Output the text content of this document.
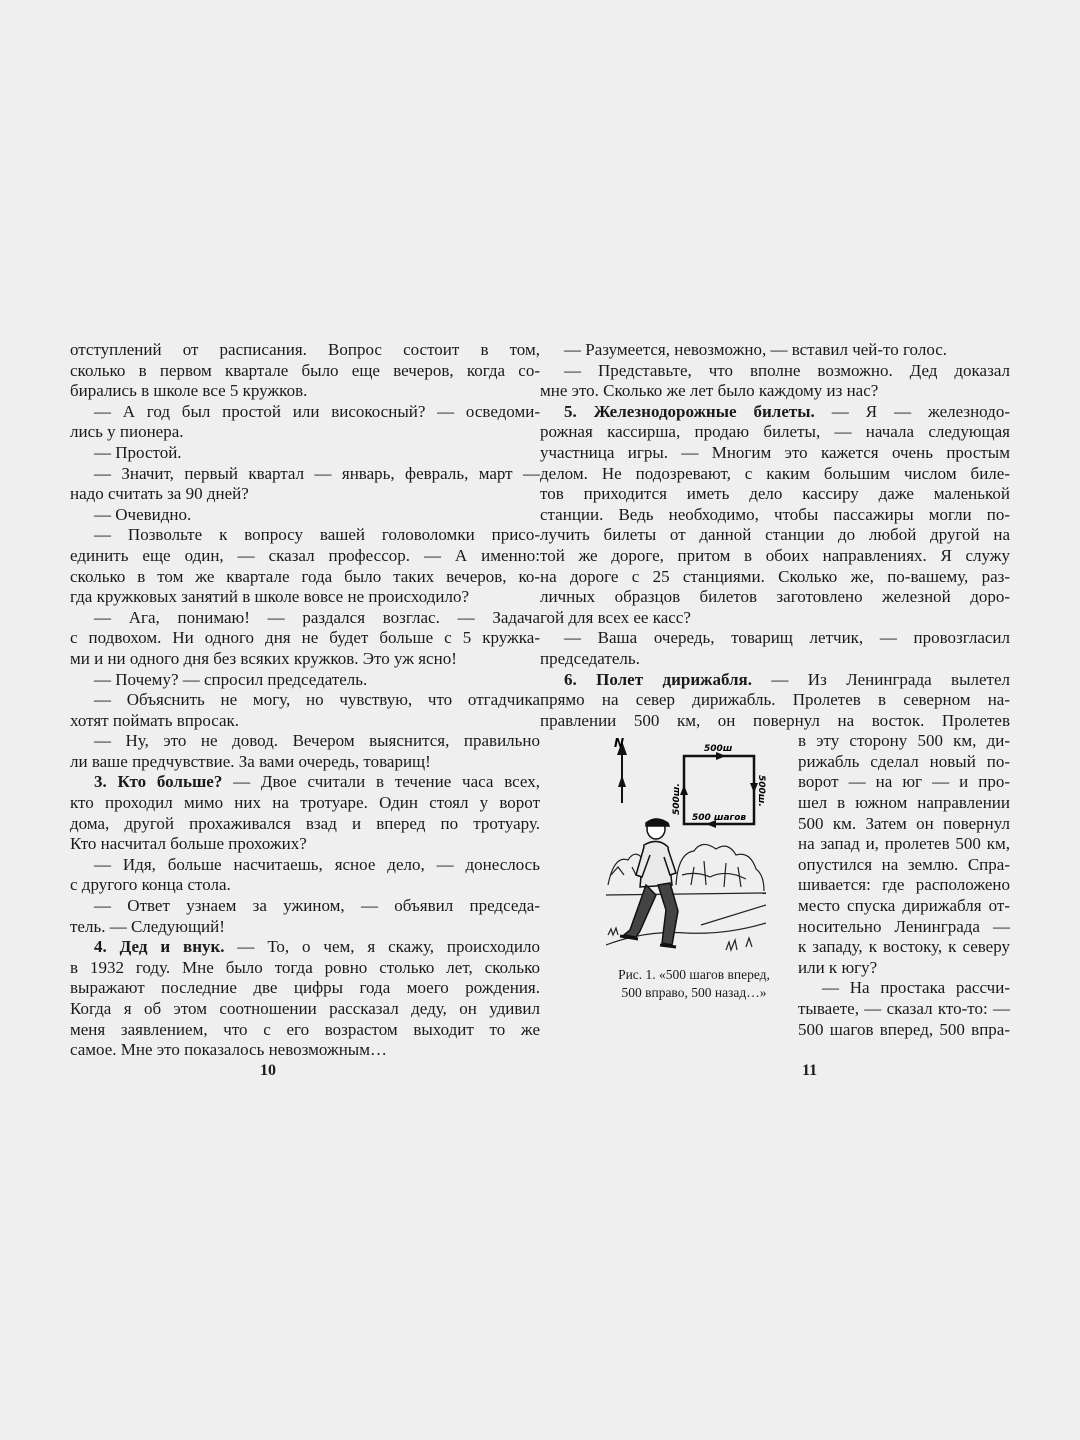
отступлений от расписания. Вопрос состоит в том,
сколько в первом квартале было еще вечеров, когда со-
бирались в школе все 5 кружков.
— А год был простой или високосный? — осведоми-
лись у пионера.
— Простой.
— Значит, первый квартал — январь, февраль, март —
надо считать за 90 дней?
— Очевидно.
— Позвольте к вопросу вашей головоломки присо-
единить еще один, — сказал профессор. — А именно:
сколько в том же квартале года было таких вечеров, ко-
гда кружковых занятий в школе вовсе не происходило?
— Ага, понимаю! — раздался возглас. — Задача
с подвохом. Ни одного дня не будет больше с 5 кружка-
ми и ни одного дня без всяких кружков. Это уж ясно!
— Почему? — спросил председатель.
— Объяснить не могу, но чувствую, что отгадчика
хотят поймать впросак.
— Ну, это не довод. Вечером выяснится, правильно
ли ваше предчувствие. За вами очередь, товарищ!
3. Кто больше? — Двое считали в течение часа всех,
кто проходил мимо них на тротуаре. Один стоял у ворот
дома, другой прохаживался взад и вперед по тротуару.
Кто насчитал больше прохожих?
— Идя, больше насчитаешь, ясное дело, — донеслось
с другого конца стола.
— Ответ узнаем за ужином, — объявил председа-
тель. — Следующий!
4. Дед и внук. — То, о чем, я скажу, происходило
в 1932 году. Мне было тогда ровно столько лет, сколько
выражают последние две цифры года моего рождения.
Когда я об этом соотношении рассказал деду, он удивил
меня заявлением, что с его возрастом выходит то же
самое. Мне это показалось невозможным…
10
— Разумеется, невозможно, — вставил чей-то голос.
— Представьте, что вполне возможно. Дед доказал
мне это. Сколько же лет было каждому из нас?
5. Железнодорожные билеты. — Я — железнодо-
рожная кассирша, продаю билеты, — начала следующая
участница игры. — Многим это кажется очень простым
делом. Не подозревают, с каким большим числом биле-
тов приходится иметь дело кассиру даже маленькой
станции. Ведь необходимо, чтобы пассажиры могли по-
лучить билеты от данной станции до любой другой на
той же дороге, притом в обоих направлениях. Я служу
на дороге с 25 станциями. Сколько же, по-вашему, раз-
личных образцов билетов заготовлено железной доро-
гой для всех ее касс?
— Ваша очередь, товарищ летчик, — провозгласил
председатель.
6. Полет дирижабля. — Из Ленинграда вылетел
прямо на север дирижабль. Пролетев в северном на-
правлении 500 км, он повернул на восток. Пролетев
N	500ш
500ш.	500ш.
500 шагов
Рис. 1. «500 шагов вперед,
500 вправо, 500 назад…»
в эту сторону 500 км, ди-
рижабль сделал новый по-
ворот — на юг — и про-
шел в южном направлении
500 км. Затем он повернул
на запад и, пролетев 500 км,
опустился на землю. Спра-
шивается: где расположено
место спуска дирижабля от-
носительно Ленинграда —
к западу, к востоку, к северу
или к югу?
— На простака рассчи-
тываете, — сказал кто-то: —
500 шагов вперед, 500 впра-
11
